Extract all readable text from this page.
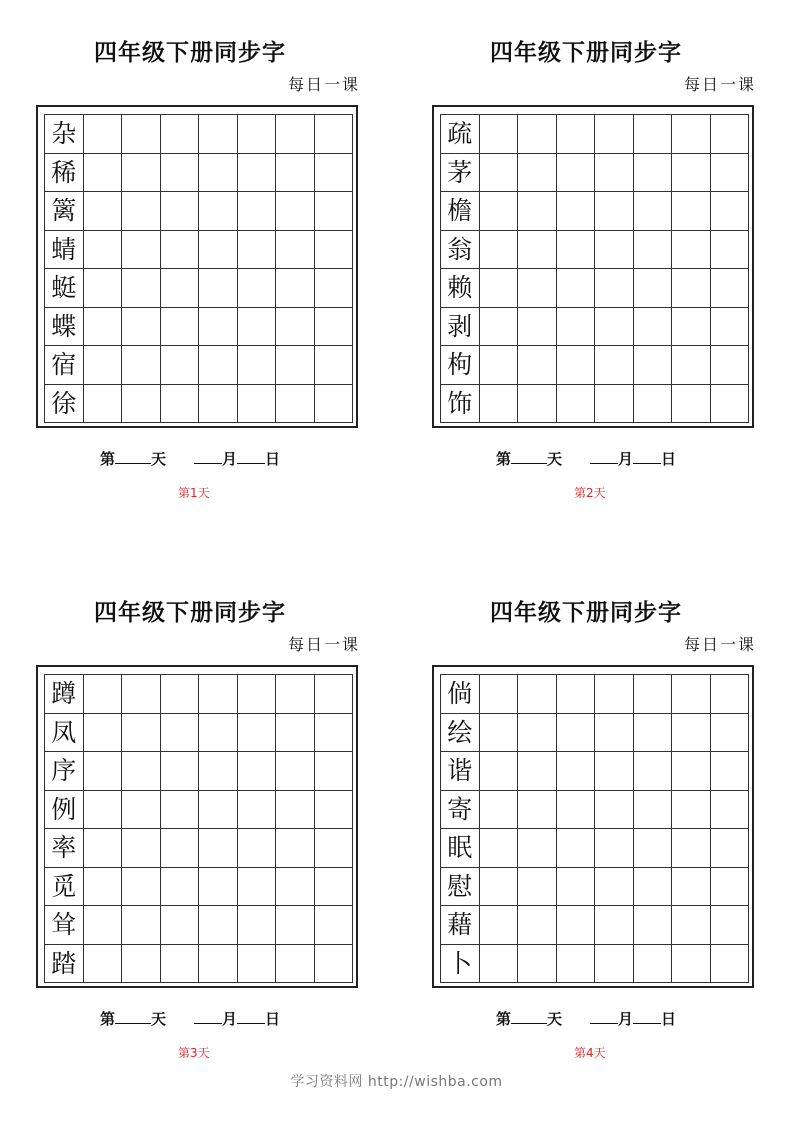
四年级下册同步字
每日一课
杂
稀
篱
蜻
蜓
蝶
宿
徐
第 天	月 日
第1天
四年级下册同步字
每日一课
疏
茅
檐
翁
赖
剥
枸
饰
第 天	月 日
第2天
四年级下册同步字
每日一课
蹲
凤
序
例
率
觅
耸
踏
第 天	月 日
第3天
四年级下册同步字
每日一课
倘
绘
谐
寄
眠
慰
藉
卜
第 天	月 日
第4天
学习资料网 http://wishba.com
